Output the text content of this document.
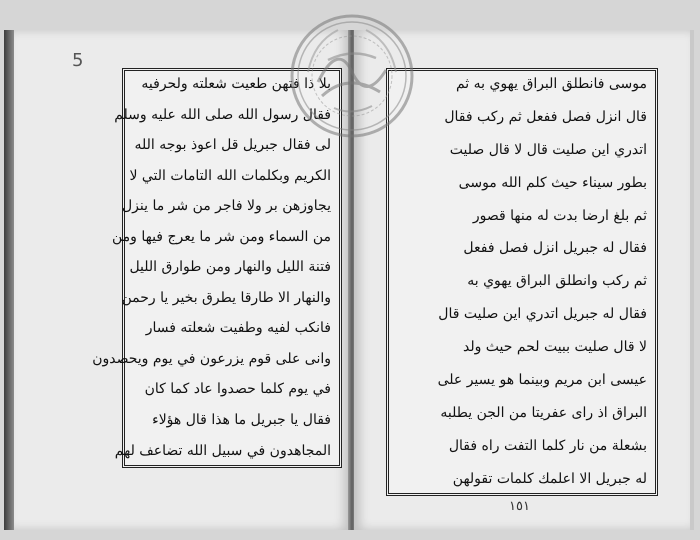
5
بلا ذا فتهن طعيت شعلته ولحرفيه
فقال رسول الله صلى الله عليه وسلم
لى فقال جبريل قل اعوذ بوجه الله
الكريم وبكلمات الله التامات التي لا
يجاوزهن بر ولا فاجر من شر ما ينزل
من السماء ومن شر ما يعرج فيها ومن
فتنة الليل والنهار ومن طوارق الليل
والنهار الا طارقا يطرق بخير يا رحمن
فانكب لفيه وطفيت شعلته فسار
وانى على قوم يزرعون في يوم ويحصدون
في يوم كلما حصدوا عاد كما كان
فقال يا جبريل ما هذا قال هؤلاء
المجاهدون في سبيل الله تضاعف لهم
موسى فانطلق البراق يهوي به ثم
قال انزل فصل ففعل ثم ركب فقال
اتدري اين صليت قال لا قال صليت
بطور سيناء حيث كلم الله موسى
ثم بلغ ارضا بدت له منها قصور
فقال له جبريل انزل فصل ففعل
ثم ركب وانطلق البراق يهوي به
فقال له جبريل اتدري اين صليت قال
لا قال صليت ببيت لحم حيث ولد
عيسى ابن مريم وبينما هو يسير على
البراق اذ راى عفريتا من الجن يطلبه
بشعلة من نار كلما التفت راه فقال
له جبريل الا اعلمك كلمات تقولهن
١٥١
